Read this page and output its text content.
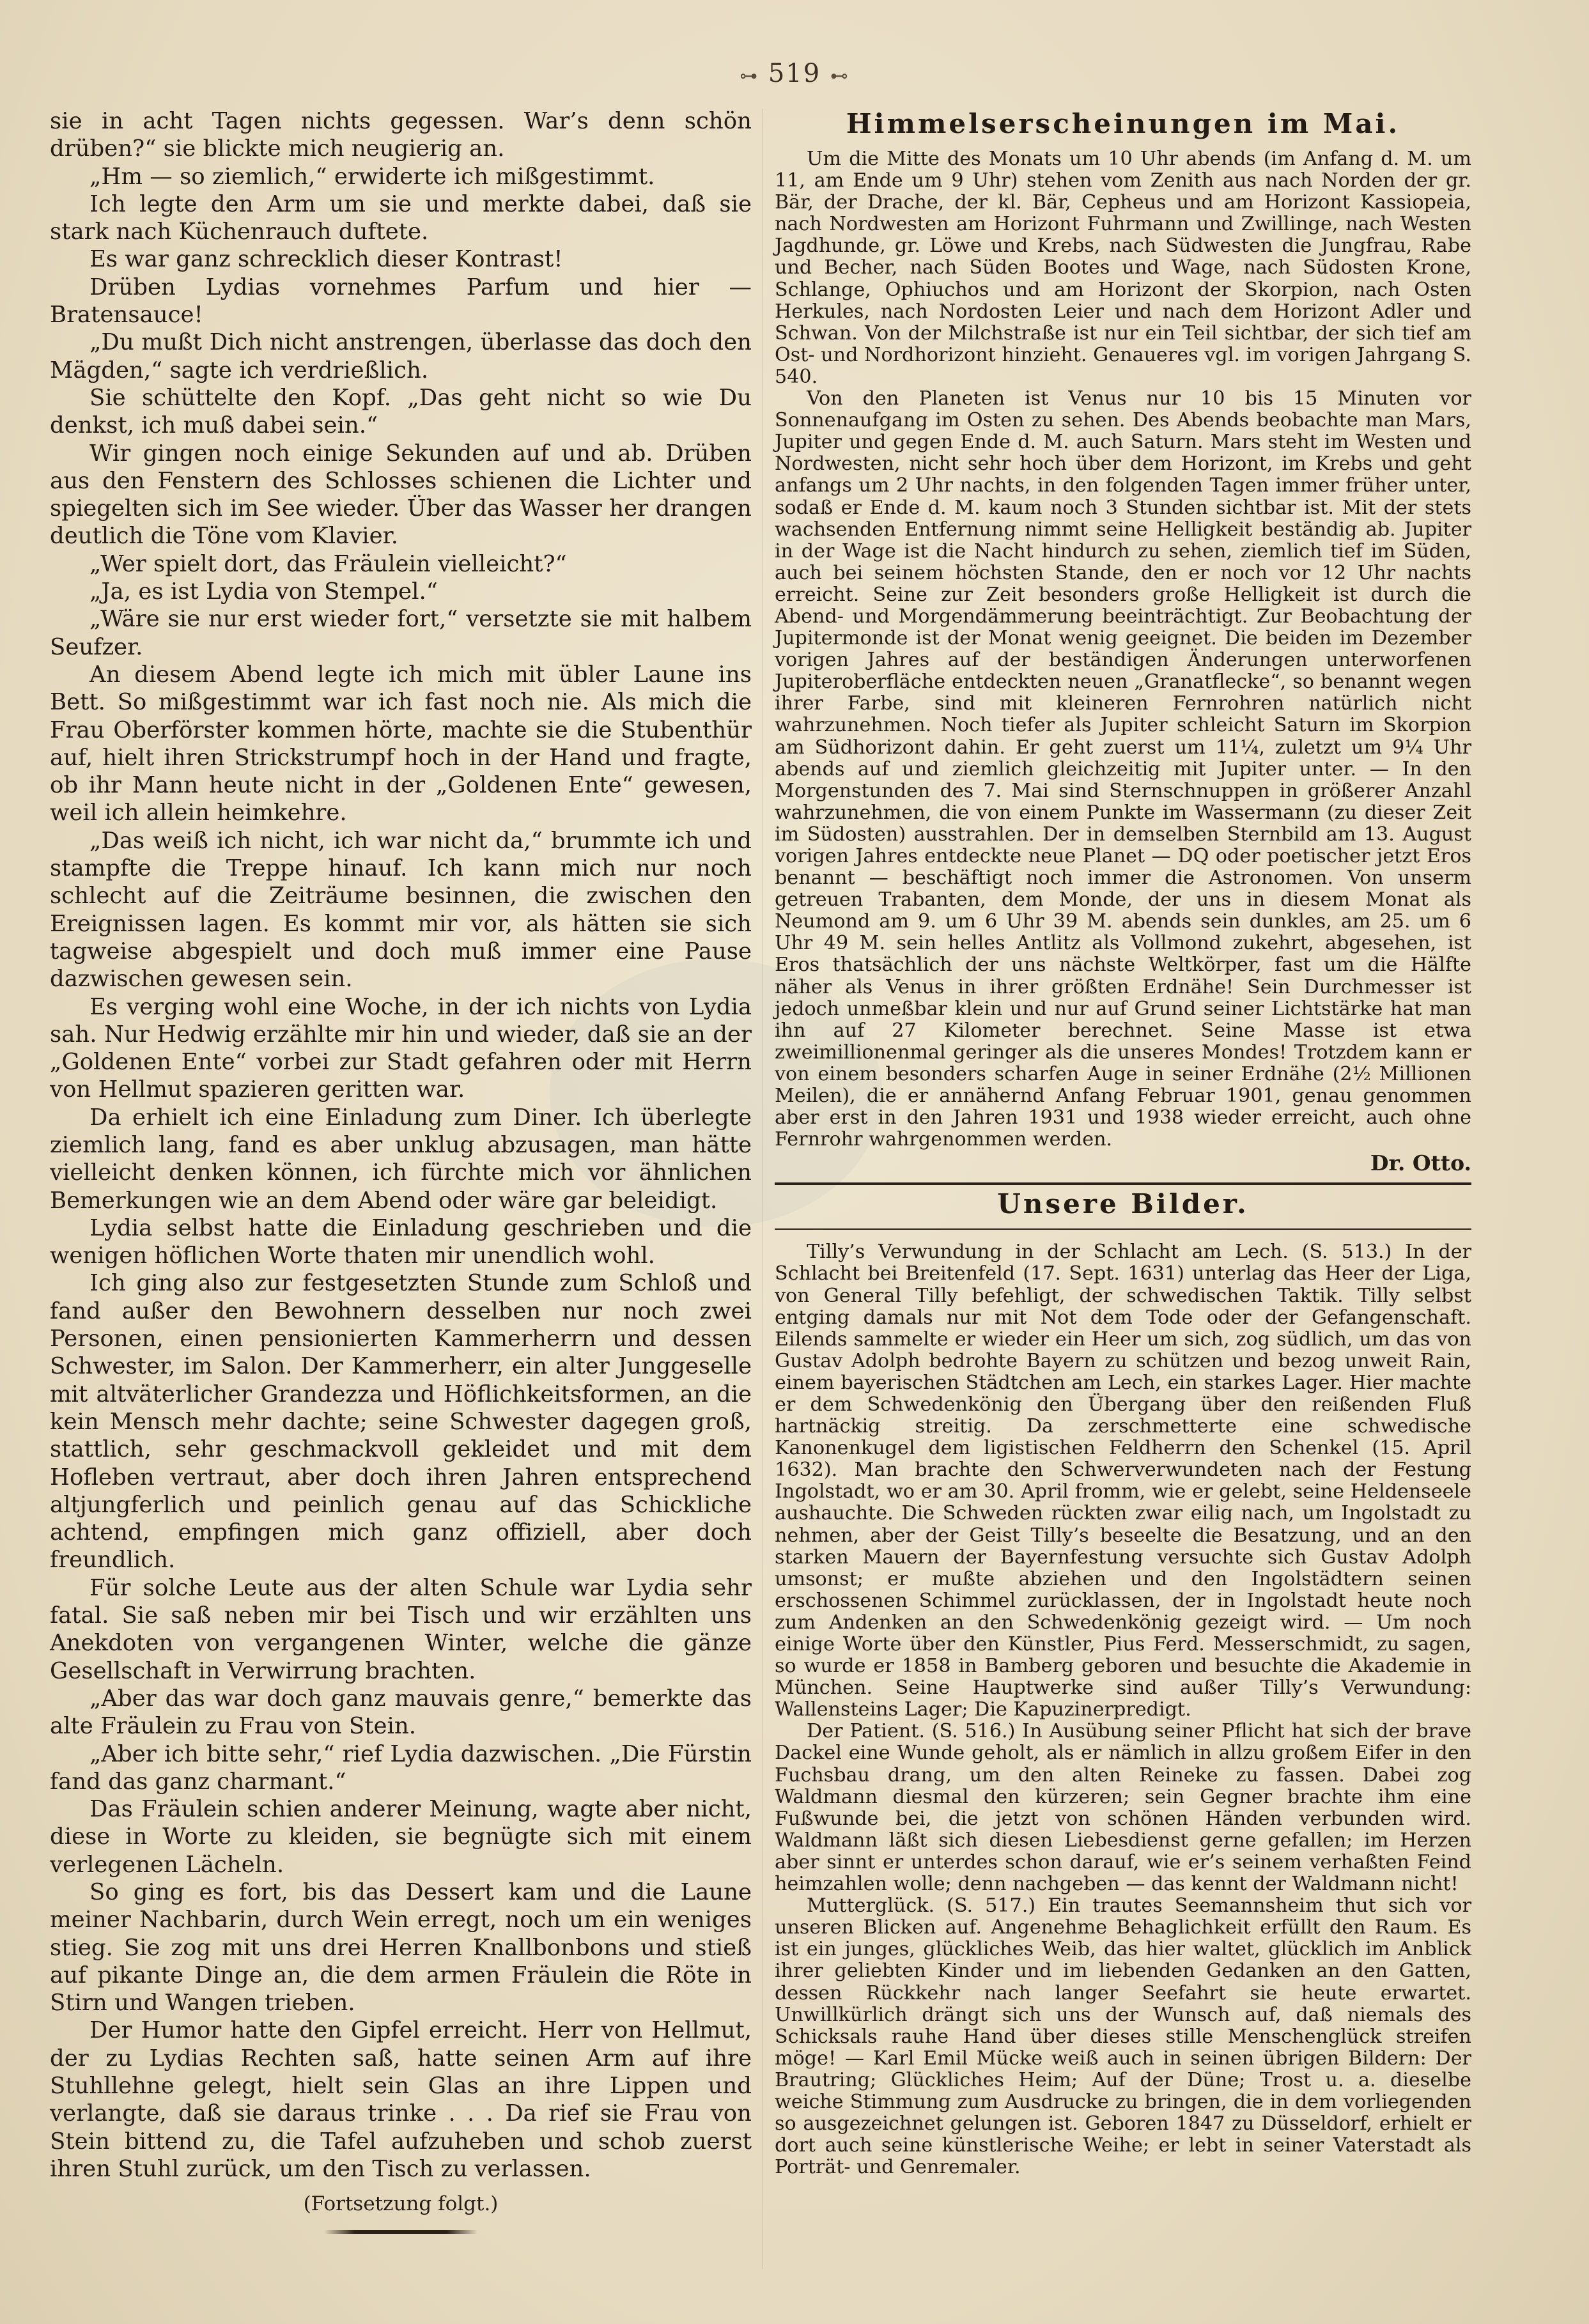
⊶ 519 ⊷

sie in acht Tagen nichts gegessen. War’s denn schön drüben?“ sie blickte mich neugierig an.

„Hm — so ziemlich,“ erwiderte ich mißgestimmt.

Ich legte den Arm um sie und merkte dabei, daß sie stark nach Küchenrauch duftete.

Es war ganz schrecklich dieser Kontrast!

Drüben Lydias vornehmes Parfum und hier — Bratensauce!

„Du mußt Dich nicht anstrengen, überlasse das doch den Mägden,“ sagte ich verdrießlich.

Sie schüttelte den Kopf. „Das geht nicht so wie Du denkst, ich muß dabei sein.“

Wir gingen noch einige Sekunden auf und ab. Drüben aus den Fenstern des Schlosses schienen die Lichter und spiegelten sich im See wieder. Über das Wasser her drangen deutlich die Töne vom Klavier.

„Wer spielt dort, das Fräulein vielleicht?“

„Ja, es ist Lydia von Stempel.“

„Wäre sie nur erst wieder fort,“ versetzte sie mit halbem Seufzer.

An diesem Abend legte ich mich mit übler Laune ins Bett. So mißgestimmt war ich fast noch nie. Als mich die Frau Oberförster kommen hörte, machte sie die Stubenthür auf, hielt ihren Strickstrumpf hoch in der Hand und fragte, ob ihr Mann heute nicht in der „Goldenen Ente“ gewesen, weil ich allein heimkehre.

„Das weiß ich nicht, ich war nicht da,“ brummte ich und stampfte die Treppe hinauf. Ich kann mich nur noch schlecht auf die Zeiträume besinnen, die zwischen den Ereignissen lagen. Es kommt mir vor, als hätten sie sich tagweise abgespielt und doch muß immer eine Pause dazwischen gewesen sein.

Es verging wohl eine Woche, in der ich nichts von Lydia sah. Nur Hedwig erzählte mir hin und wieder, daß sie an der „Goldenen Ente“ vorbei zur Stadt gefahren oder mit Herrn von Hellmut spazieren geritten war.

Da erhielt ich eine Einladung zum Diner. Ich überlegte ziemlich lang, fand es aber unklug abzusagen, man hätte vielleicht denken können, ich fürchte mich vor ähnlichen Bemerkungen wie an dem Abend oder wäre gar beleidigt.

Lydia selbst hatte die Einladung geschrieben und die wenigen höflichen Worte thaten mir unendlich wohl.

Ich ging also zur festgesetzten Stunde zum Schloß und fand außer den Bewohnern desselben nur noch zwei Personen, einen pensionierten Kammerherrn und dessen Schwester, im Salon. Der Kammerherr, ein alter Junggeselle mit altväterlicher Grandezza und Höflichkeitsformen, an die kein Mensch mehr dachte; seine Schwester dagegen groß, stattlich, sehr geschmackvoll gekleidet und mit dem Hofleben vertraut, aber doch ihren Jahren entsprechend altjungferlich und peinlich genau auf das Schickliche achtend, empfingen mich ganz offiziell, aber doch freundlich.

Für solche Leute aus der alten Schule war Lydia sehr fatal. Sie saß neben mir bei Tisch und wir erzählten uns Anekdoten von vergangenen Winter, welche die gänze Gesellschaft in Verwirrung brachten.

„Aber das war doch ganz mauvais genre,“ bemerkte das alte Fräulein zu Frau von Stein.

„Aber ich bitte sehr,“ rief Lydia dazwischen. „Die Fürstin fand das ganz charmant.“

Das Fräulein schien anderer Meinung, wagte aber nicht, diese in Worte zu kleiden, sie begnügte sich mit einem verlegenen Lächeln.

So ging es fort, bis das Dessert kam und die Laune meiner Nachbarin, durch Wein erregt, noch um ein weniges stieg. Sie zog mit uns drei Herren Knallbonbons und stieß auf pikante Dinge an, die dem armen Fräulein die Röte in Stirn und Wangen trieben.

Der Humor hatte den Gipfel erreicht. Herr von Hellmut, der zu Lydias Rechten saß, hatte seinen Arm auf ihre Stuhllehne gelegt, hielt sein Glas an ihre Lippen und verlangte, daß sie daraus trinke . . . Da rief sie Frau von Stein bittend zu, die Tafel aufzuheben und schob zuerst ihren Stuhl zurück, um den Tisch zu verlassen.

(Fortsetzung folgt.)
Himmelserscheinungen im Mai.

Um die Mitte des Monats um 10 Uhr abends (im Anfang d. M. um 11, am Ende um 9 Uhr) stehen vom Zenith aus nach Norden der gr. Bär, der Drache, der kl. Bär, Cepheus und am Horizont Kassiopeia, nach Nordwesten am Horizont Fuhrmann und Zwillinge, nach Westen Jagdhunde, gr. Löwe und Krebs, nach Südwesten die Jungfrau, Rabe und Becher, nach Süden Bootes und Wage, nach Südosten Krone, Schlange, Ophiuchos und am Horizont der Skorpion, nach Osten Herkules, nach Nordosten Leier und nach dem Horizont Adler und Schwan. Von der Milchstraße ist nur ein Teil sichtbar, der sich tief am Ost- und Nordhorizont hinzieht. Genaueres vgl. im vorigen Jahrgang S. 540.

Von den Planeten ist Venus nur 10 bis 15 Minuten vor Sonnenaufgang im Osten zu sehen. Des Abends beobachte man Mars, Jupiter und gegen Ende d. M. auch Saturn. Mars steht im Westen und Nordwesten, nicht sehr hoch über dem Horizont, im Krebs und geht anfangs um 2 Uhr nachts, in den folgenden Tagen immer früher unter, sodaß er Ende d. M. kaum noch 3 Stunden sichtbar ist. Mit der stets wachsenden Entfernung nimmt seine Helligkeit beständig ab. Jupiter in der Wage ist die Nacht hindurch zu sehen, ziemlich tief im Süden, auch bei seinem höchsten Stande, den er noch vor 12 Uhr nachts erreicht. Seine zur Zeit besonders große Helligkeit ist durch die Abend- und Morgendämmerung beeinträchtigt. Zur Beobachtung der Jupitermonde ist der Monat wenig geeignet. Die beiden im Dezember vorigen Jahres auf der beständigen Änderungen unterworfenen Jupiteroberfläche entdeckten neuen „Granatflecke“, so benannt wegen ihrer Farbe, sind mit kleineren Fernrohren natürlich nicht wahrzunehmen. Noch tiefer als Jupiter schleicht Saturn im Skorpion am Südhorizont dahin. Er geht zuerst um 11¼, zuletzt um 9¼ Uhr abends auf und ziemlich gleichzeitig mit Jupiter unter. — In den Morgenstunden des 7. Mai sind Sternschnuppen in größerer Anzahl wahrzunehmen, die von einem Punkte im Wassermann (zu dieser Zeit im Südosten) ausstrahlen. Der in demselben Sternbild am 13. August vorigen Jahres entdeckte neue Planet — DQ oder poetischer jetzt Eros benannt — beschäftigt noch immer die Astronomen. Von unserm getreuen Trabanten, dem Monde, der uns in diesem Monat als Neumond am 9. um 6 Uhr 39 M. abends sein dunkles, am 25. um 6 Uhr 49 M. sein helles Antlitz als Vollmond zukehrt, abgesehen, ist Eros thatsächlich der uns nächste Weltkörper, fast um die Hälfte näher als Venus in ihrer größten Erdnähe! Sein Durchmesser ist jedoch unmeßbar klein und nur auf Grund seiner Lichtstärke hat man ihn auf 27 Kilometer berechnet. Seine Masse ist etwa zweimillionenmal geringer als die unseres Mondes! Trotzdem kann er von einem besonders scharfen Auge in seiner Erdnähe (2½ Millionen Meilen), die er annähernd Anfang Februar 1901, genau genommen aber erst in den Jahren 1931 und 1938 wieder erreicht, auch ohne Fernrohr wahrgenommen werden.

Dr. Otto.
Unsere Bilder.

Tilly’s Verwundung in der Schlacht am Lech. (S. 513.) In der Schlacht bei Breitenfeld (17. Sept. 1631) unterlag das Heer der Liga, von General Tilly befehligt, der schwedischen Taktik. Tilly selbst entging damals nur mit Not dem Tode oder der Gefangenschaft. Eilends sammelte er wieder ein Heer um sich, zog südlich, um das von Gustav Adolph bedrohte Bayern zu schützen und bezog unweit Rain, einem bayerischen Städtchen am Lech, ein starkes Lager. Hier machte er dem Schwedenkönig den Übergang über den reißenden Fluß hartnäckig streitig. Da zerschmetterte eine schwedische Kanonenkugel dem ligistischen Feldherrn den Schenkel (15. April 1632). Man brachte den Schwerverwundeten nach der Festung Ingolstadt, wo er am 30. April fromm, wie er gelebt, seine Heldenseele aushauchte. Die Schweden rückten zwar eilig nach, um Ingolstadt zu nehmen, aber der Geist Tilly’s beseelte die Besatzung, und an den starken Mauern der Bayernfestung versuchte sich Gustav Adolph umsonst; er mußte abziehen und den Ingolstädtern seinen erschossenen Schimmel zurücklassen, der in Ingolstadt heute noch zum Andenken an den Schwedenkönig gezeigt wird. — Um noch einige Worte über den Künstler, Pius Ferd. Messerschmidt, zu sagen, so wurde er 1858 in Bamberg geboren und besuchte die Akademie in München. Seine Hauptwerke sind außer Tilly’s Verwundung: Wallensteins Lager; Die Kapuzinerpredigt.

Der Patient. (S. 516.) In Ausübung seiner Pflicht hat sich der brave Dackel eine Wunde geholt, als er nämlich in allzu großem Eifer in den Fuchsbau drang, um den alten Reineke zu fassen. Dabei zog Waldmann diesmal den kürzeren; sein Gegner brachte ihm eine Fußwunde bei, die jetzt von schönen Händen verbunden wird. Waldmann läßt sich diesen Liebesdienst gerne gefallen; im Herzen aber sinnt er unterdes schon darauf, wie er’s seinem verhaßten Feind heimzahlen wolle; denn nachgeben — das kennt der Waldmann nicht!

Mutterglück. (S. 517.) Ein trautes Seemannsheim thut sich vor unseren Blicken auf. Angenehme Behaglichkeit erfüllt den Raum. Es ist ein junges, glückliches Weib, das hier waltet, glücklich im Anblick ihrer geliebten Kinder und im liebenden Gedanken an den Gatten, dessen Rückkehr nach langer Seefahrt sie heute erwartet. Unwillkürlich drängt sich uns der Wunsch auf, daß niemals des Schicksals rauhe Hand über dieses stille Menschenglück streifen möge! — Karl Emil Mücke weiß auch in seinen übrigen Bildern: Der Brautring; Glückliches Heim; Auf der Düne; Trost u. a. dieselbe weiche Stimmung zum Ausdrucke zu bringen, die in dem vorliegenden so ausgezeichnet gelungen ist. Geboren 1847 zu Düsseldorf, erhielt er dort auch seine künstlerische Weihe; er lebt in seiner Vaterstadt als Porträt- und Genremaler.
